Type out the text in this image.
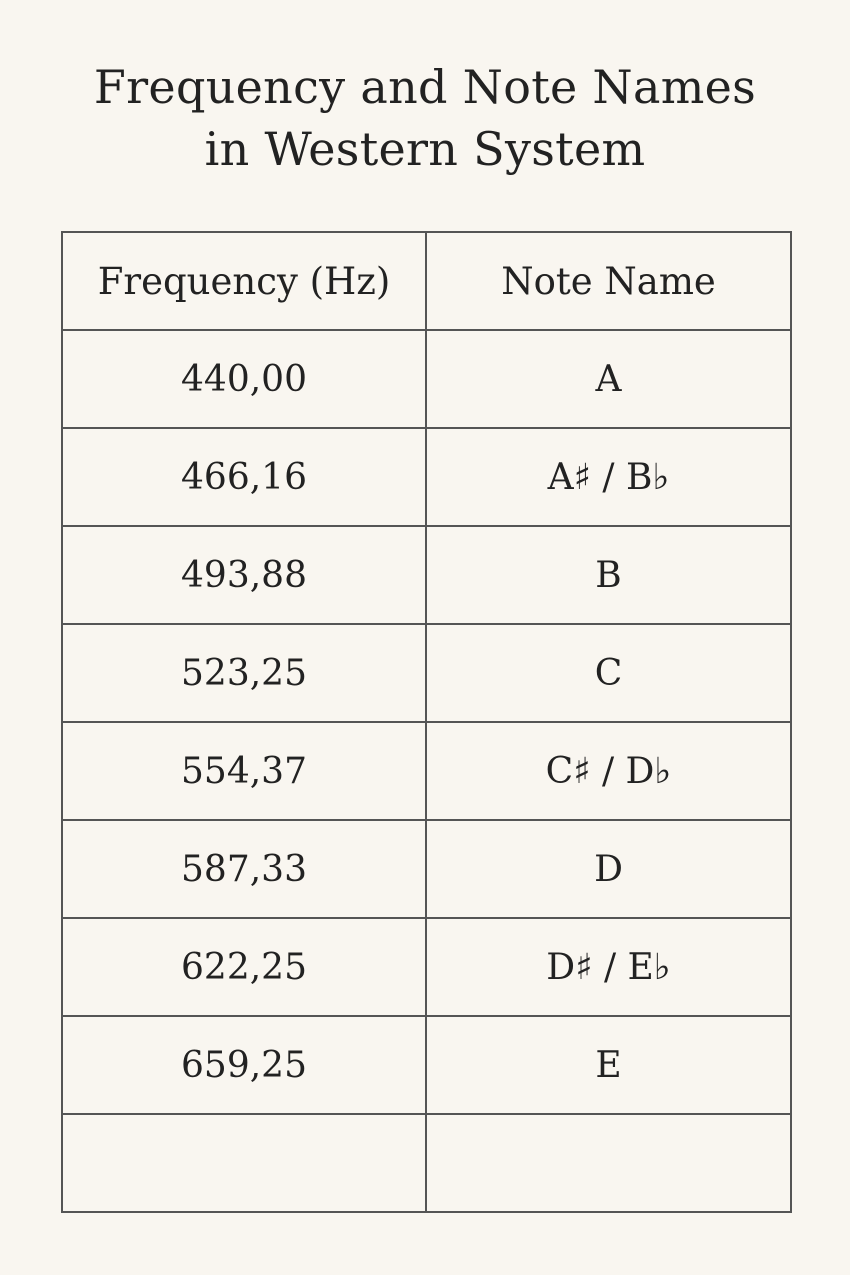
Frequency and Note Names
in Western System
Frequency (Hz)	Note Name
440,00	A
466,16	A♯ / B♭
493,88	B
523,25	C
554,37	C♯ / D♭
587,33	D
622,25	D♯ / E♭
659,25	E
